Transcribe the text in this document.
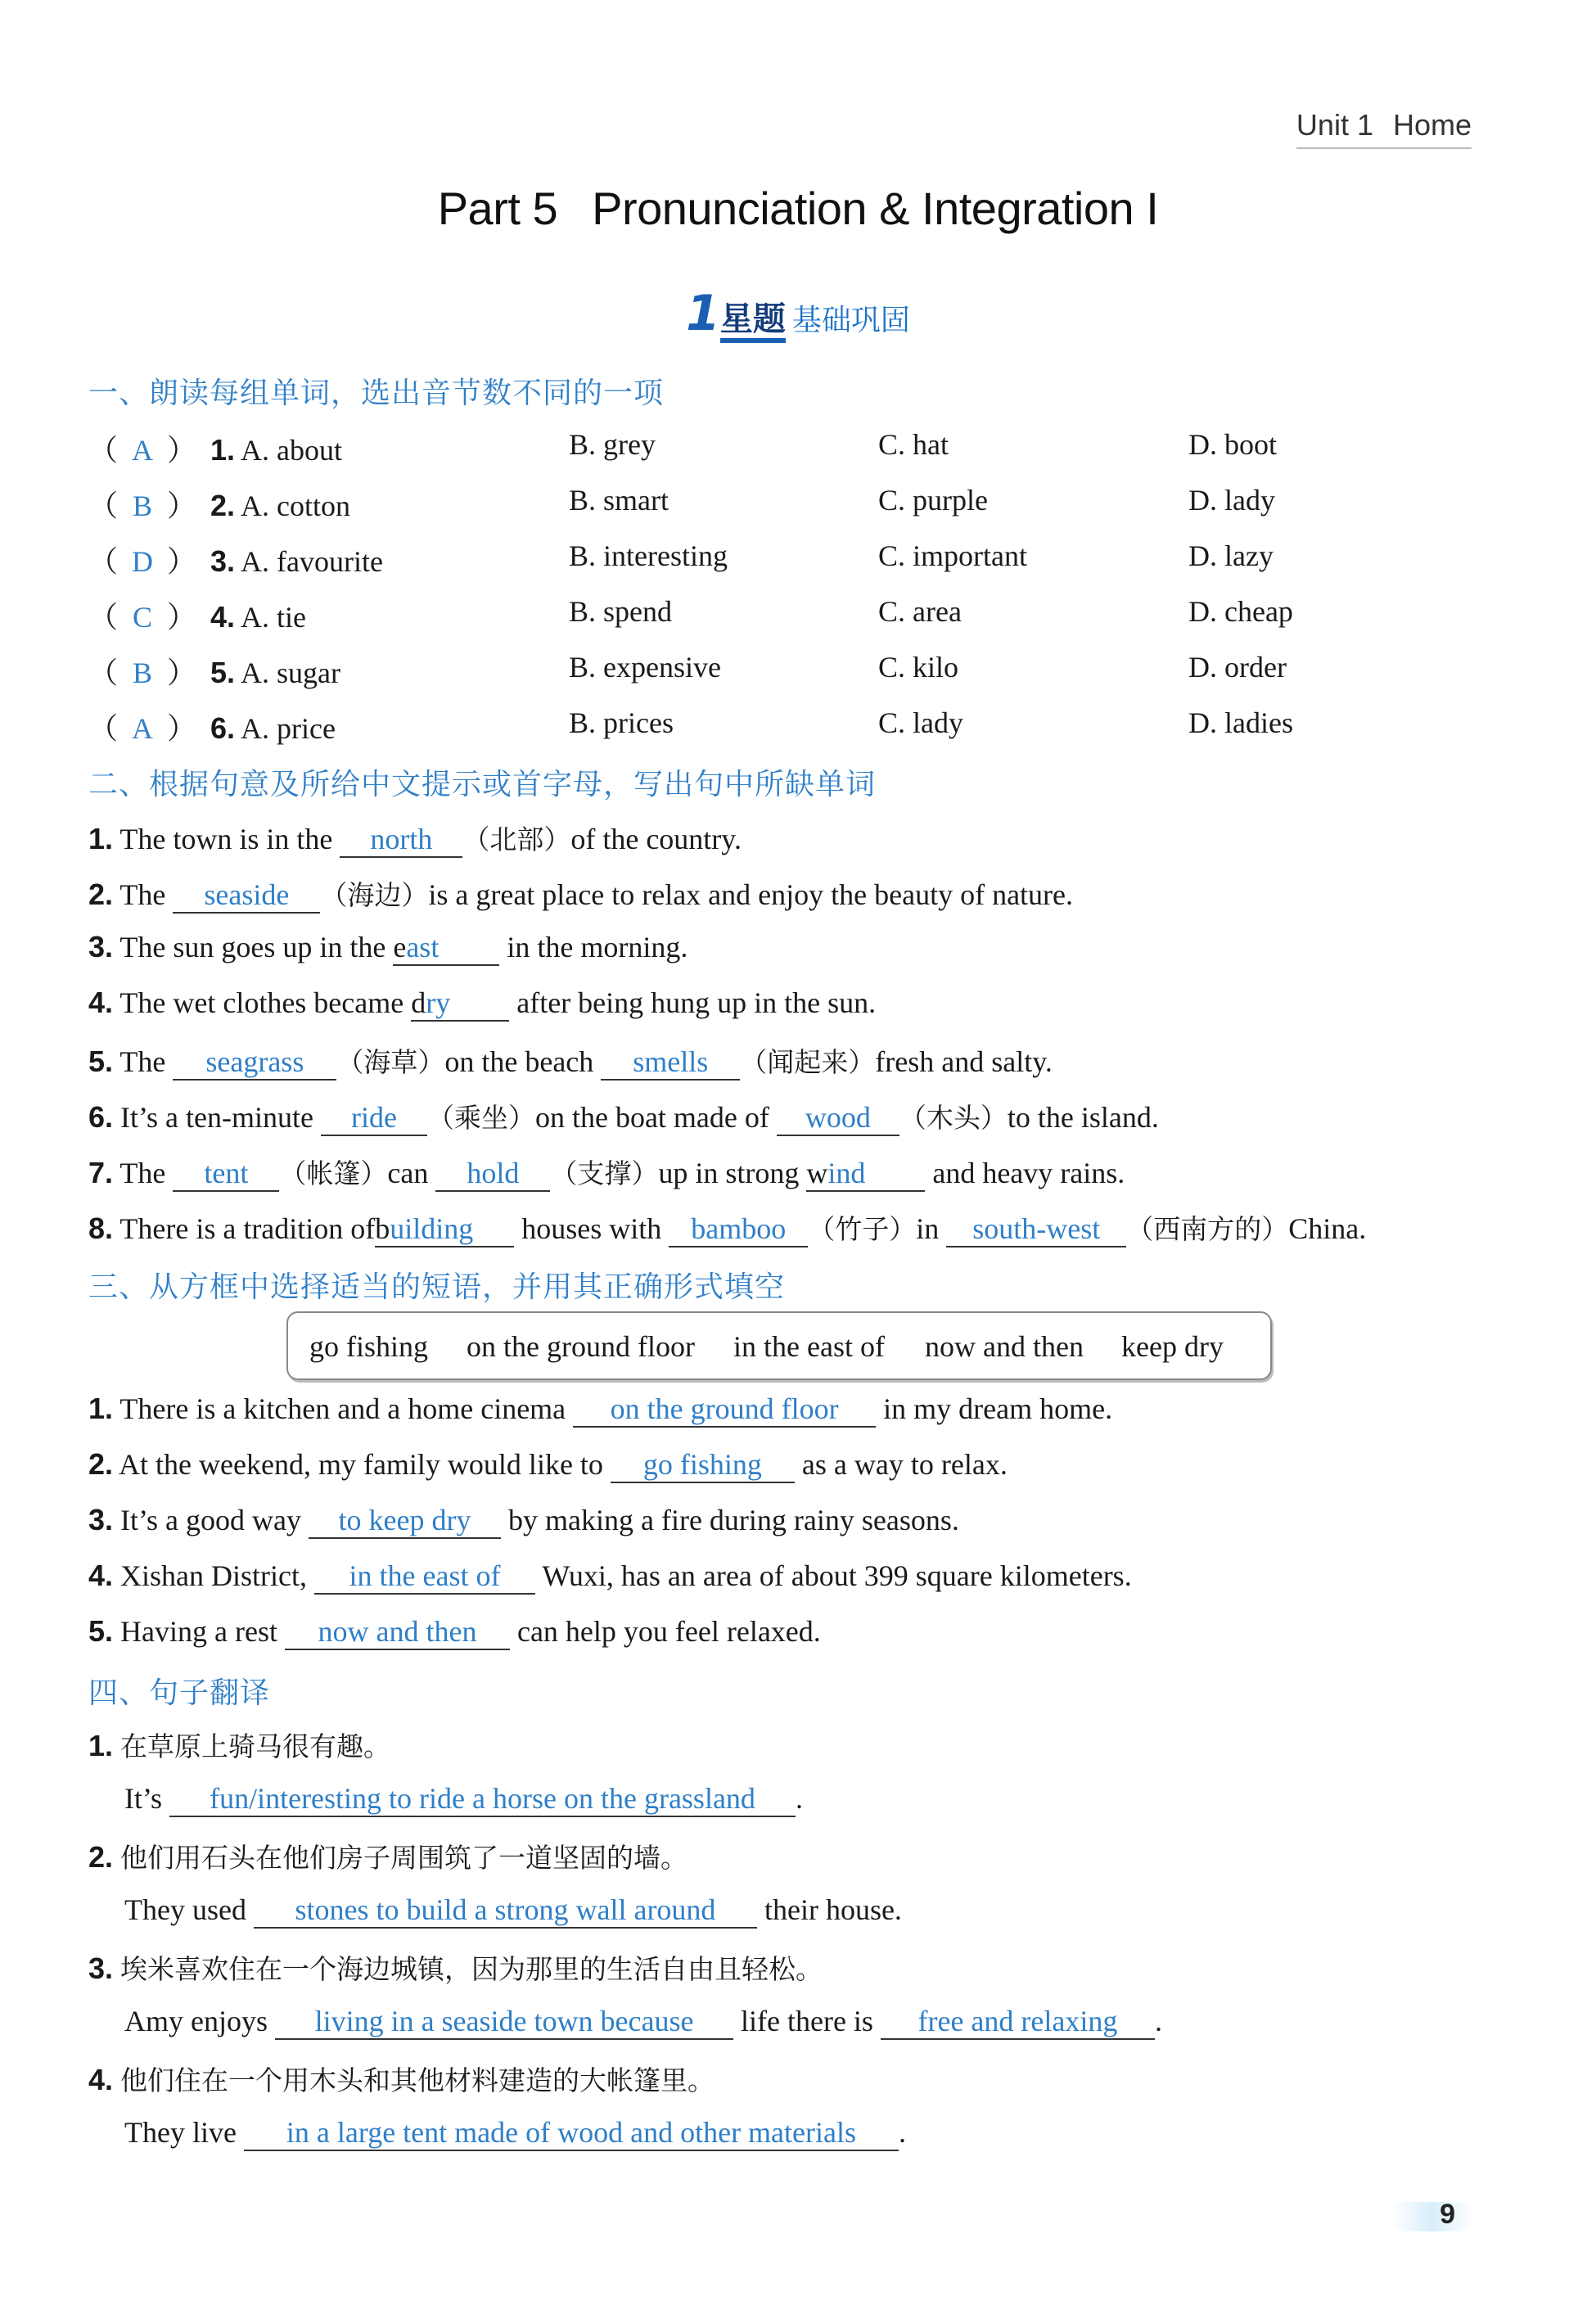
Unit 1 Home
Part 5 Pronunciation & Integration I
1星题 基础巩固
一、朗读每组单词，选出音节数不同的一项
（ A ） 1. A. about	B. grey	C. hat	D. boot
（ B ） 2. A. cotton	B. smart	C. purple	D. lady
（ D ） 3. A. favourite	B. interesting	C. important	D. lazy
（ C ） 4. A. tie	B. spend	C. area	D. cheap
（ B ） 5. A. sugar	B. expensive	C. kilo	D. order
（ A ） 6. A. price	B. prices	C. lady	D. ladies
二、根据句意及所给中文提示或首字母，写出句中所缺单词
1. The town is in the north （北部）of the country.
2. The seaside （海边）is a great place to relax and enjoy the beauty of nature.
3. The sun goes up in the east in the morning.
4. The wet clothes became dry after being hung up in the sun.
5. The seagrass （海草）on the beach smells （闻起来）fresh and salty.
6. It’s a ten-minute ride （乘坐）on the boat made of wood （木头）to the island.
7. The tent （帐篷）can hold （支撑）up in strong wind and heavy rains.
8. There is a tradition ofbuilding houses with bamboo （竹子）in south-west （西南方的）China.
三、从方框中选择适当的短语，并用其正确形式填空
go fishing on the ground floor in the east of now and then keep dry
1. There is a kitchen and a home cinema on the ground floor in my dream home.
2. At the weekend, my family would like to go fishing as a way to relax.
3. It’s a good way to keep dry by making a fire during rainy seasons.
4. Xishan District, in the east of Wuxi, has an area of about 399 square kilometers.
5. Having a rest now and then can help you feel relaxed.
四、句子翻译
1. 在草原上骑马很有趣。
It’s fun/interesting to ride a horse on the grassland .
2. 他们用石头在他们房子周围筑了一道坚固的墙。
They used stones to build a strong wall around their house.
3. 埃米喜欢住在一个海边城镇，因为那里的生活自由且轻松。
Amy enjoys living in a seaside town because life there is free and relaxing .
4. 他们住在一个用木头和其他材料建造的大帐篷里。
They live in a large tent made of wood and other materials .
9
